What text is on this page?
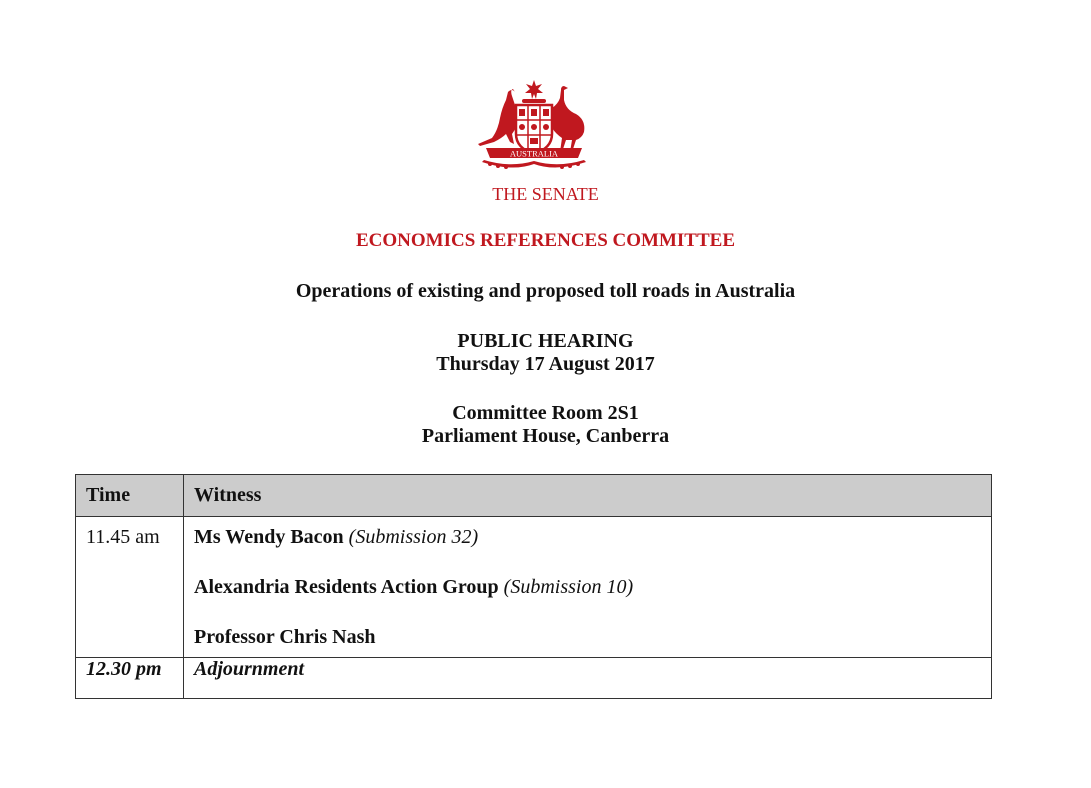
AUSTRALIA
THE SENATE
ECONOMICS REFERENCES COMMITTEE
Operations of existing and proposed toll roads in Australia
PUBLIC HEARING
Thursday 17 August 2017
Committee Room 2S1
Parliament House, Canberra
Time	Witness
11.45 am	Ms Wendy Bacon (Submission 32)
Alexandria Residents Action Group (Submission 10)
Professor Chris Nash

12.30 pm	Adjournment
